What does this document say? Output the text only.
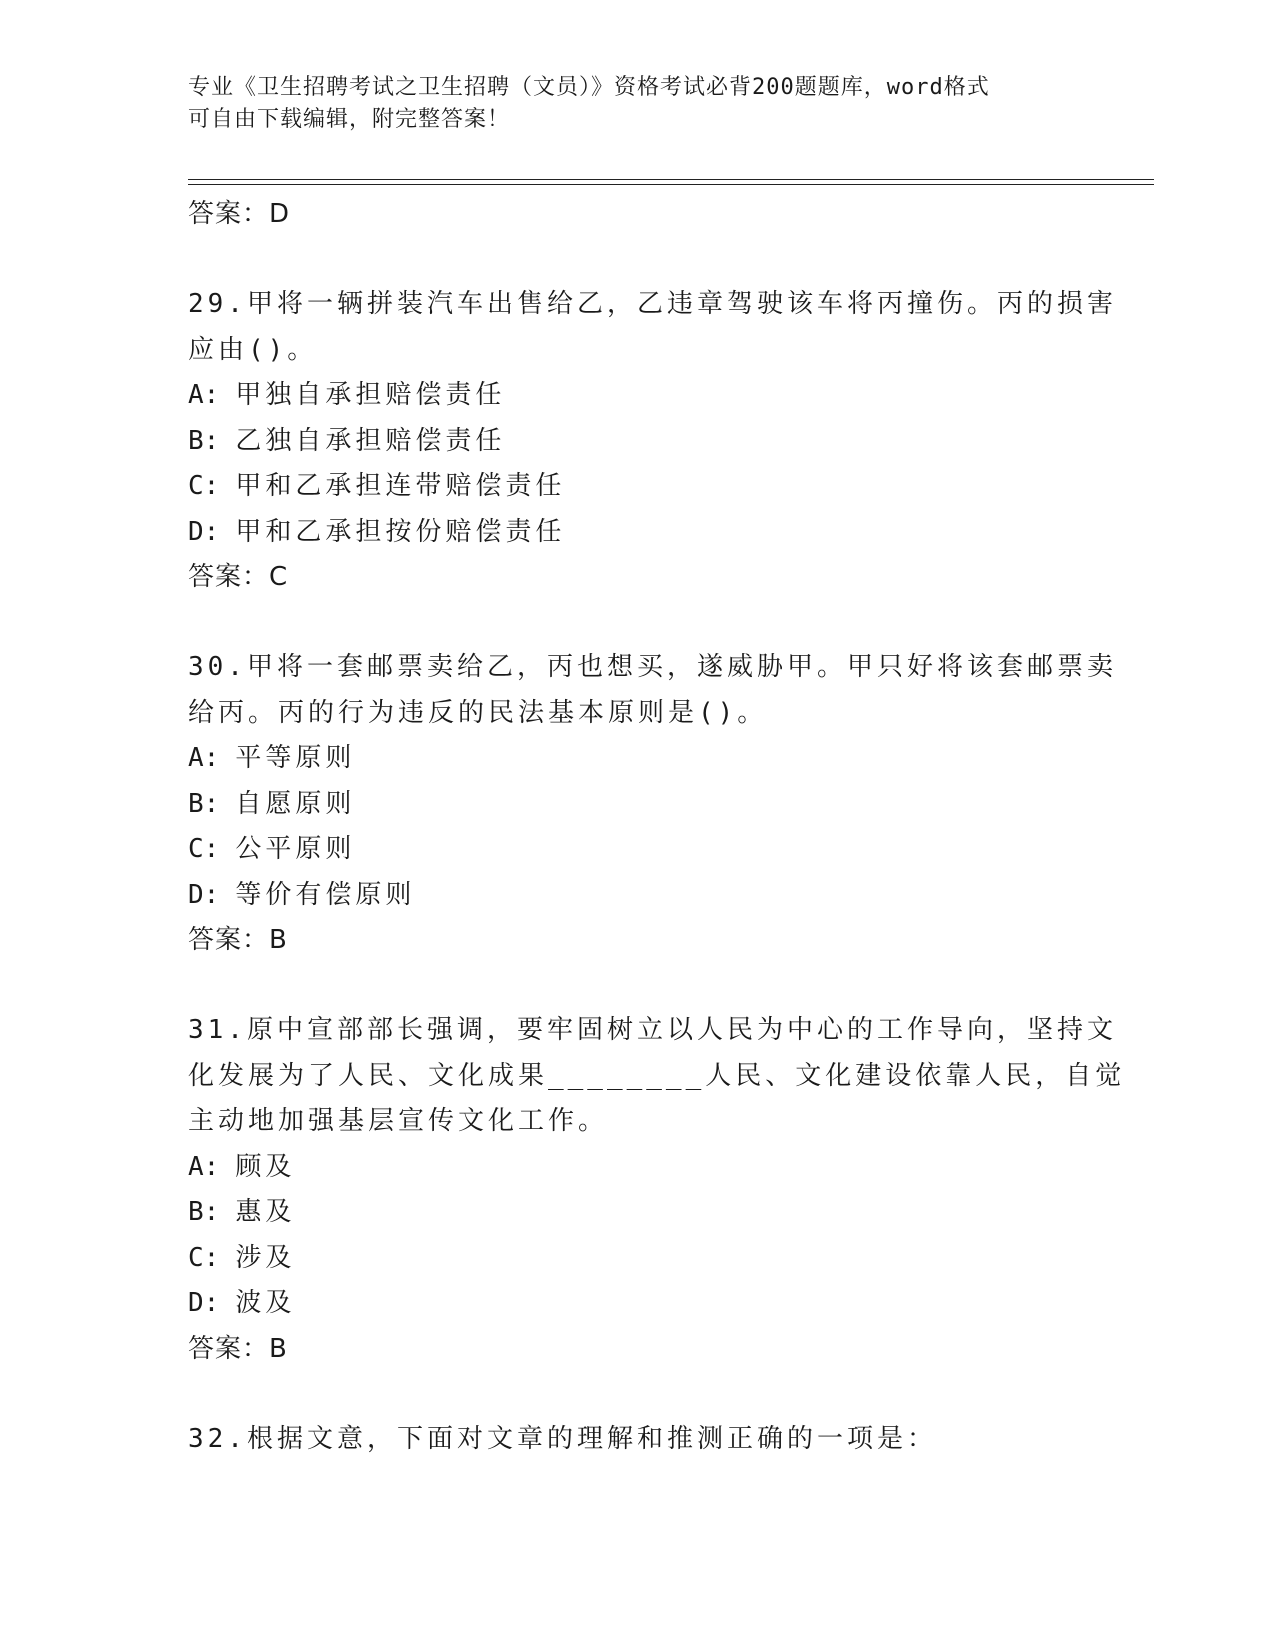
专业《卫生招聘考试之卫生招聘（文员）》资格考试必背200题题库，word格式
可自由下载编辑，附完整答案！
答案：D
29.甲将一辆拼装汽车出售给乙，乙违章驾驶该车将丙撞伤。丙的损害
应由()。
A: 甲独自承担赔偿责任
B: 乙独自承担赔偿责任
C: 甲和乙承担连带赔偿责任
D: 甲和乙承担按份赔偿责任
答案：C
30.甲将一套邮票卖给乙，丙也想买，遂威胁甲。甲只好将该套邮票卖
给丙。丙的行为违反的民法基本原则是()。
A: 平等原则
B: 自愿原则
C: 公平原则
D: 等价有偿原则
答案：B
31.原中宣部部长强调，要牢固树立以人民为中心的工作导向，坚持文
化发展为了人民、文化成果________人民、文化建设依靠人民，自觉
主动地加强基层宣传文化工作。
A: 顾及
B: 惠及
C: 涉及
D: 波及
答案：B
32.根据文意，下面对文章的理解和推测正确的一项是：
